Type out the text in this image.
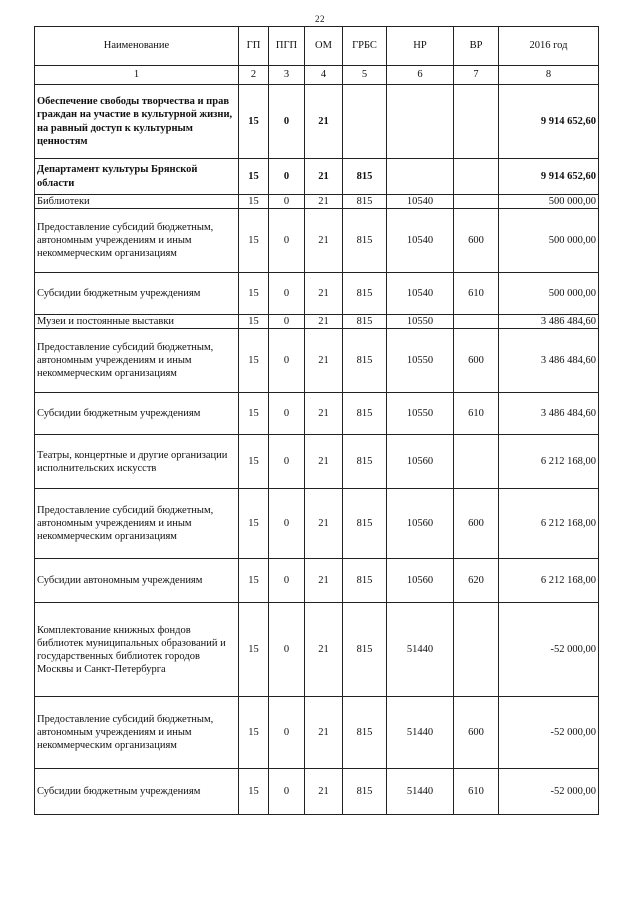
22
Наименование	ГП	ПГП	ОМ	ГРБС	НР	ВР	2016 год
1	2	3	4	5	6	7	8
Обеспечение свободы творчества и прав граждан на участие в культурной жизни, на равный доступ к культурным ценностям	15	0	21				9 914 652,60
Департамент культуры Брянской области	15	0	21	815			9 914 652,60
Библиотеки	15	0	21	815	10540		500 000,00
Предоставление субсидий бюджетным, автономным учреждениям и иным некоммерческим организациям	15	0	21	815	10540	600	500 000,00
Субсидии бюджетным учреждениям	15	0	21	815	10540	610	500 000,00
Музеи и постоянные выставки	15	0	21	815	10550		3 486 484,60
Предоставление субсидий бюджетным, автономным учреждениям и иным некоммерческим организациям	15	0	21	815	10550	600	3 486 484,60
Субсидии бюджетным учреждениям	15	0	21	815	10550	610	3 486 484,60
Театры, концертные и другие организации исполнительских искусств	15	0	21	815	10560		6 212 168,00
Предоставление субсидий бюджетным, автономным учреждениям и иным некоммерческим организациям	15	0	21	815	10560	600	6 212 168,00
Субсидии автономным учреждениям	15	0	21	815	10560	620	6 212 168,00
Комплектование книжных фондов библиотек муниципальных образований и государственных библиотек городов Москвы и Санкт-Петербурга	15	0	21	815	51440		-52 000,00
Предоставление субсидий бюджетным, автономным учреждениям и иным некоммерческим организациям	15	0	21	815	51440	600	-52 000,00
Субсидии бюджетным учреждениям	15	0	21	815	51440	610	-52 000,00
